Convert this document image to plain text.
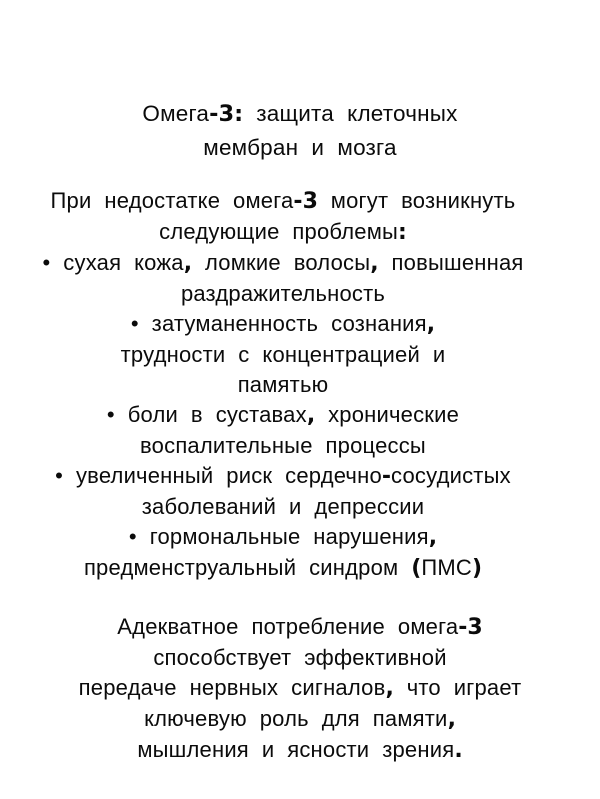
Омега-3: защита клеточных
мембран и мозга

При недостатке омега-3 могут возникнуть
следующие проблемы:

• сухая кожа, ломкие волосы, повышенная
раздражительность

• затуманенность сознания,
трудности с концентрацией и
памятью

• боли в суставах, хронические
воспалительные процессы

• увеличенный риск сердечно-сосудистых
заболеваний и депрессии

• гормональные нарушения,
предменструальный синдром (ПМС)

Адекватное потребление омега-3
способствует эффективной
передаче нервных сигналов, что играет
ключевую роль для памяти,
мышления и ясности зрения.
